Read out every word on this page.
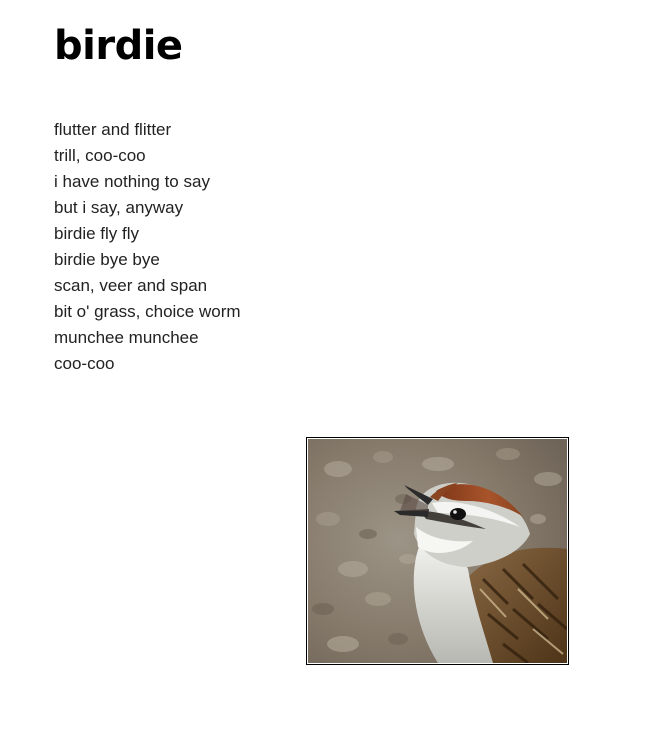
birdie
flutter and flitter
trill, coo-coo
i have nothing to say
but i say, anyway
birdie fly fly
birdie bye bye
scan, veer and span
bit o' grass, choice worm
munchee munchee
coo-coo
